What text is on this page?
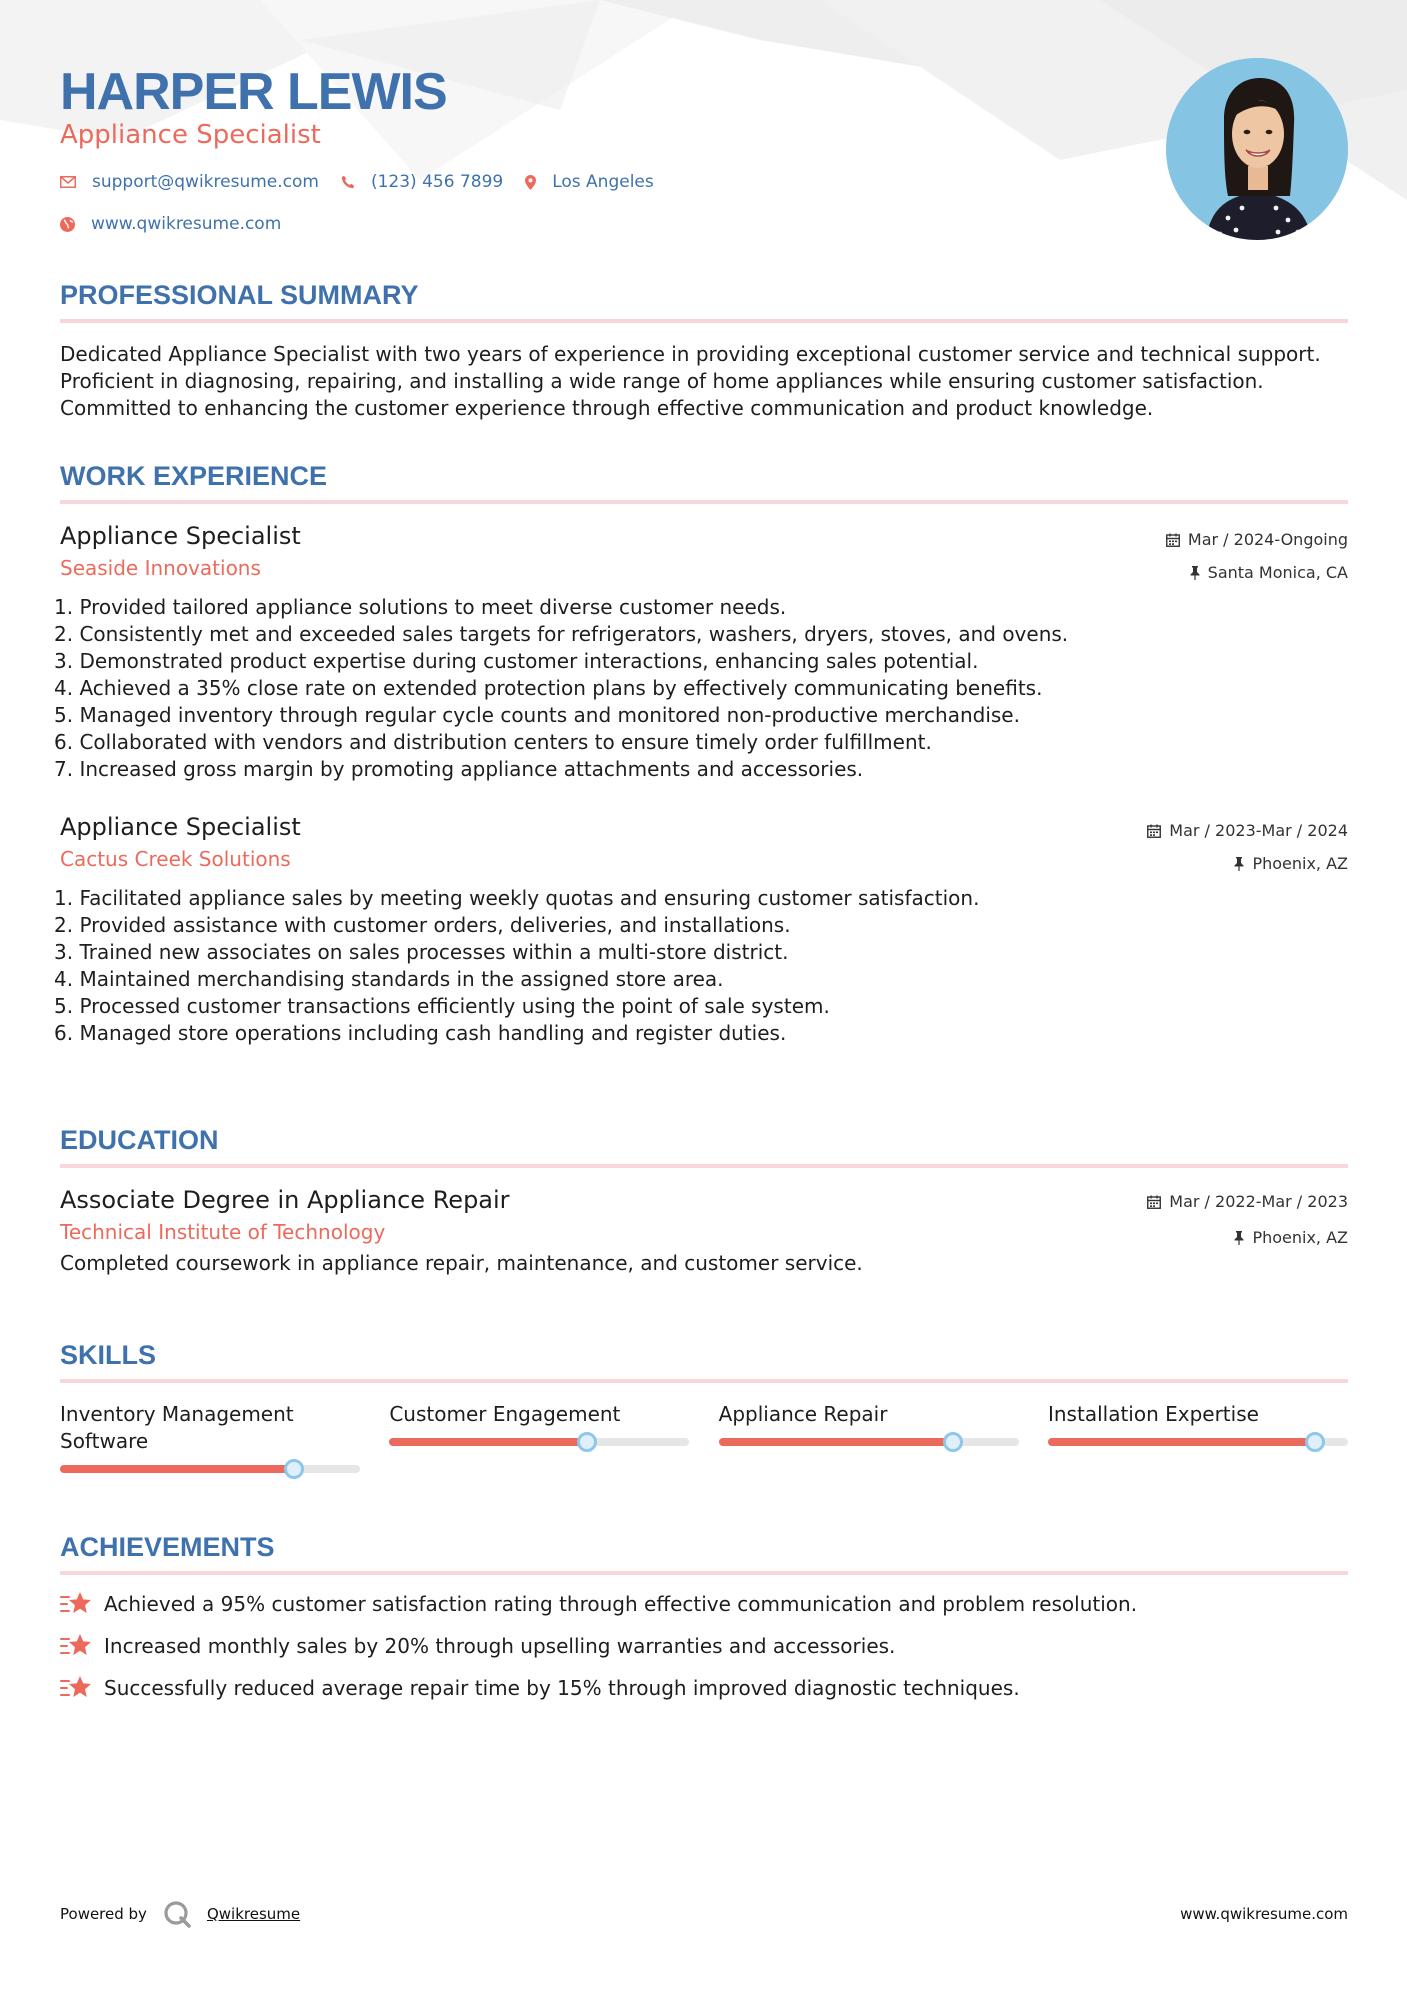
HARPER LEWIS
Appliance Specialist
support@qwikresume.com	(123) 456 7899	Los Angeles
www.qwikresume.com
PROFESSIONAL SUMMARY
Dedicated Appliance Specialist with two years of experience in providing exceptional customer service and technical support. Proficient in diagnosing, repairing, and installing a wide range of home appliances while ensuring customer satisfaction. Committed to enhancing the customer experience through effective communication and product knowledge.
WORK EXPERIENCE
Mar / 2024-Ongoing
Santa Monica, CA
Appliance Specialist
Seaside Innovations
1. Provided tailored appliance solutions to meet diverse customer needs.
2. Consistently met and exceeded sales targets for refrigerators, washers, dryers, stoves, and ovens.
3. Demonstrated product expertise during customer interactions, enhancing sales potential.
4. Achieved a 35% close rate on extended protection plans by effectively communicating benefits.
5. Managed inventory through regular cycle counts and monitored non-productive merchandise.
6. Collaborated with vendors and distribution centers to ensure timely order fulfillment.
7. Increased gross margin by promoting appliance attachments and accessories.
Mar / 2023-Mar / 2024
Phoenix, AZ
Appliance Specialist
Cactus Creek Solutions
1. Facilitated appliance sales by meeting weekly quotas and ensuring customer satisfaction.
2. Provided assistance with customer orders, deliveries, and installations.
3. Trained new associates on sales processes within a multi-store district.
4. Maintained merchandising standards in the assigned store area.
5. Processed customer transactions efficiently using the point of sale system.
6. Managed store operations including cash handling and register duties.
EDUCATION
Mar / 2022-Mar / 2023
Phoenix, AZ
Associate Degree in Appliance Repair
Technical Institute of Technology
Completed coursework in appliance repair, maintenance, and customer service.
SKILLS
Inventory Management Software
Customer Engagement	Appliance Repair	Installation Expertise
ACHIEVEMENTS
Achieved a 95% customer satisfaction rating through effective communication and problem resolution.
Increased monthly sales by 20% through upselling warranties and accessories.
Successfully reduced average repair time by 15% through improved diagnostic techniques.
Powered by	Qwikresume	www.qwikresume.com
